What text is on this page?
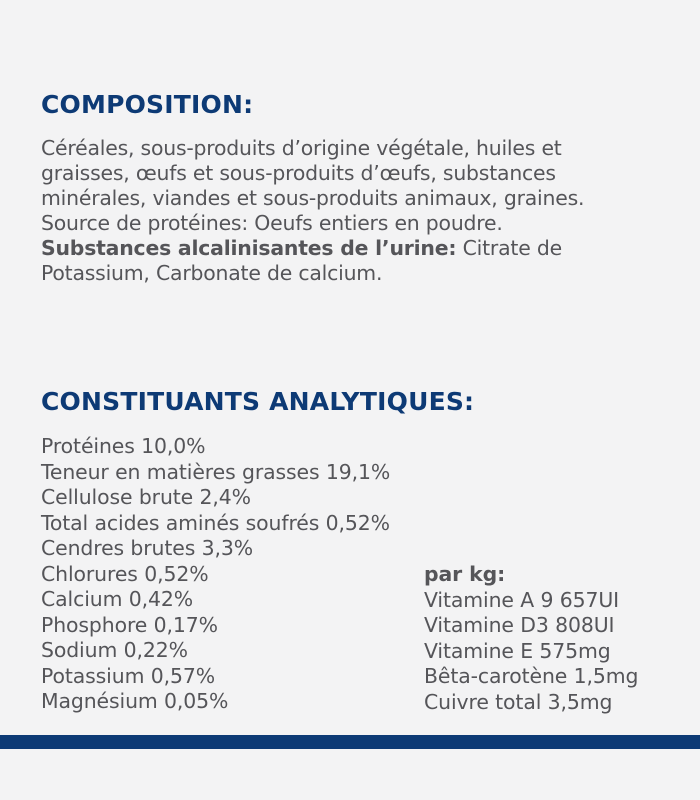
COMPOSITION:

Céréales, sous-produits d’origine végétale, huiles et
graisses, œufs et sous-produits d’œufs, substances
minérales, viandes et sous-produits animaux, graines.
Source de protéines: Oeufs entiers en poudre.
Substances alcalinisantes de l’urine: Citrate de
Potassium, Carbonate de calcium.

CONSTITUANTS ANALYTIQUES:
Protéines 10,0%
Teneur en matières grasses 19,1%
Cellulose brute 2,4%
Total acides aminés soufrés 0,52%
Cendres brutes 3,3%
Chlorures 0,52%
Calcium 0,42%
Phosphore 0,17%
Sodium 0,22%
Potassium 0,57%
Magnésium 0,05%
par kg:
Vitamine A 9 657UI
Vitamine D3 808UI
Vitamine E 575mg
Bêta-carotène 1,5mg
Cuivre total 3,5mg
